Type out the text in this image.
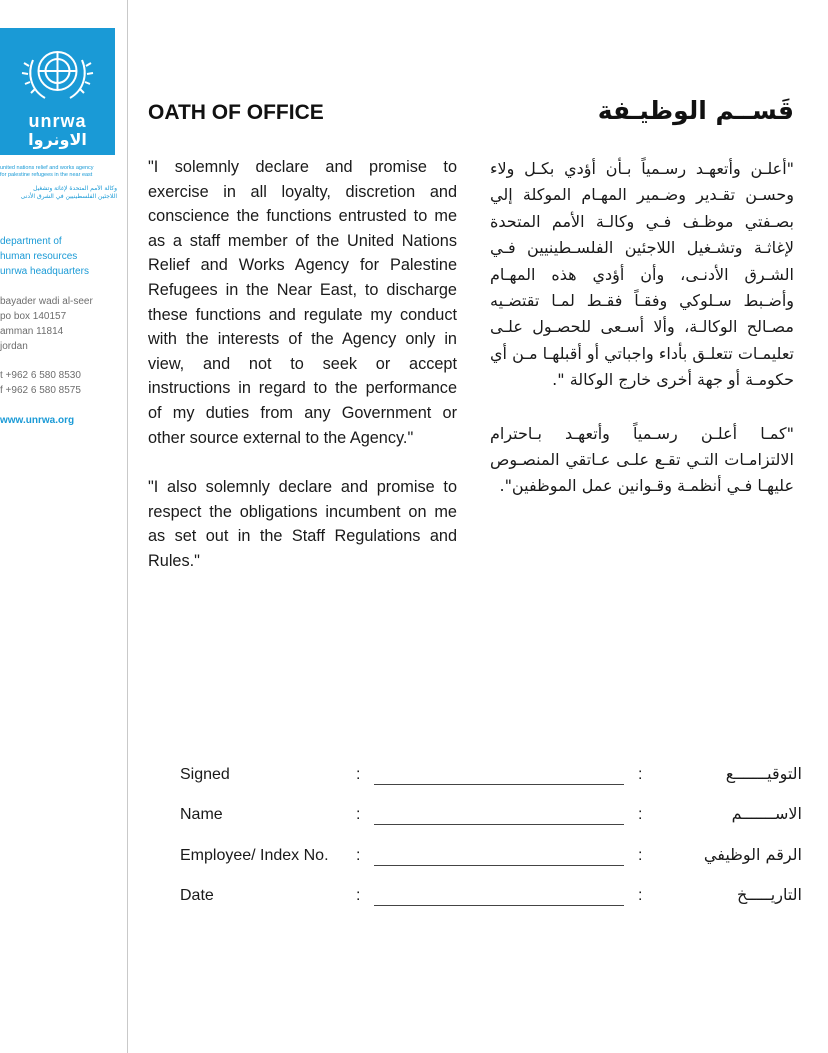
unrwa
الاونروا
united nations relief and works agency
for palestine refugees in the near east
وكالة الأمم المتحدة لإغاثة وتشغيل
اللاجئين الفلسطينيين في الشرق الأدنى
department of
human resources
unrwa headquarters
bayader wadi al-seer
po box 140157
amman 11814
jordan
t +962 6 580 8530
f +962 6 580 8575
www.unrwa.org
OATH OF OFFICE	قَســم الوظيـفة

"I solemnly declare and promise to exercise in all loyalty, discretion and conscience the functions entrusted to me as a staff member of the United Nations Relief and Works Agency for Palestine Refugees in the Near East, to discharge these functions and regulate my conduct with the interests of the Agency only in view, and not to seek or accept instructions in regard to the performance of my duties from any Government or other source external to the Agency."

"I also solemnly declare and promise to respect the obligations incumbent on me as set out in the Staff Regulations and Rules."

"أعلـن وأتعهـد رسـمياً بـأن أؤدي بكـل ولاء وحسـن تقـدير وضـمير المهـام الموكلة إلي بصـفتي موظـف فـي وكالـة الأمم المتحدة لإغاثـة وتشـغيل اللاجئين الفلسـطينيين فـي الشـرق الأدنـى، وأن أؤدي هذه المهـام وأضـبط سـلوكي وفقـاً فقـط لمـا تقتضـيه مصـالح الوكالـة، وألا أسـعى للحصـول علـى تعليمـات تتعلـق بأداء واجباتي أو أقبلهـا مـن أي حكومـة أو جهة أخرى خارج الوكالة ".

"كمـا أعلـن رسـمياً وأتعهـد بـاحترام الالتزامـات التـي تقـع علـى عـاتقي المنصـوص عليهـا فـي أنظمـة وقـوانين عمل الموظفين".

Signed	:	:	التوقيـــــــع
Name	:	:	الاســـــــم
Employee/ Index No. :	:	الرقم الوظيفي
Date	:	:	التاريـــــخ
